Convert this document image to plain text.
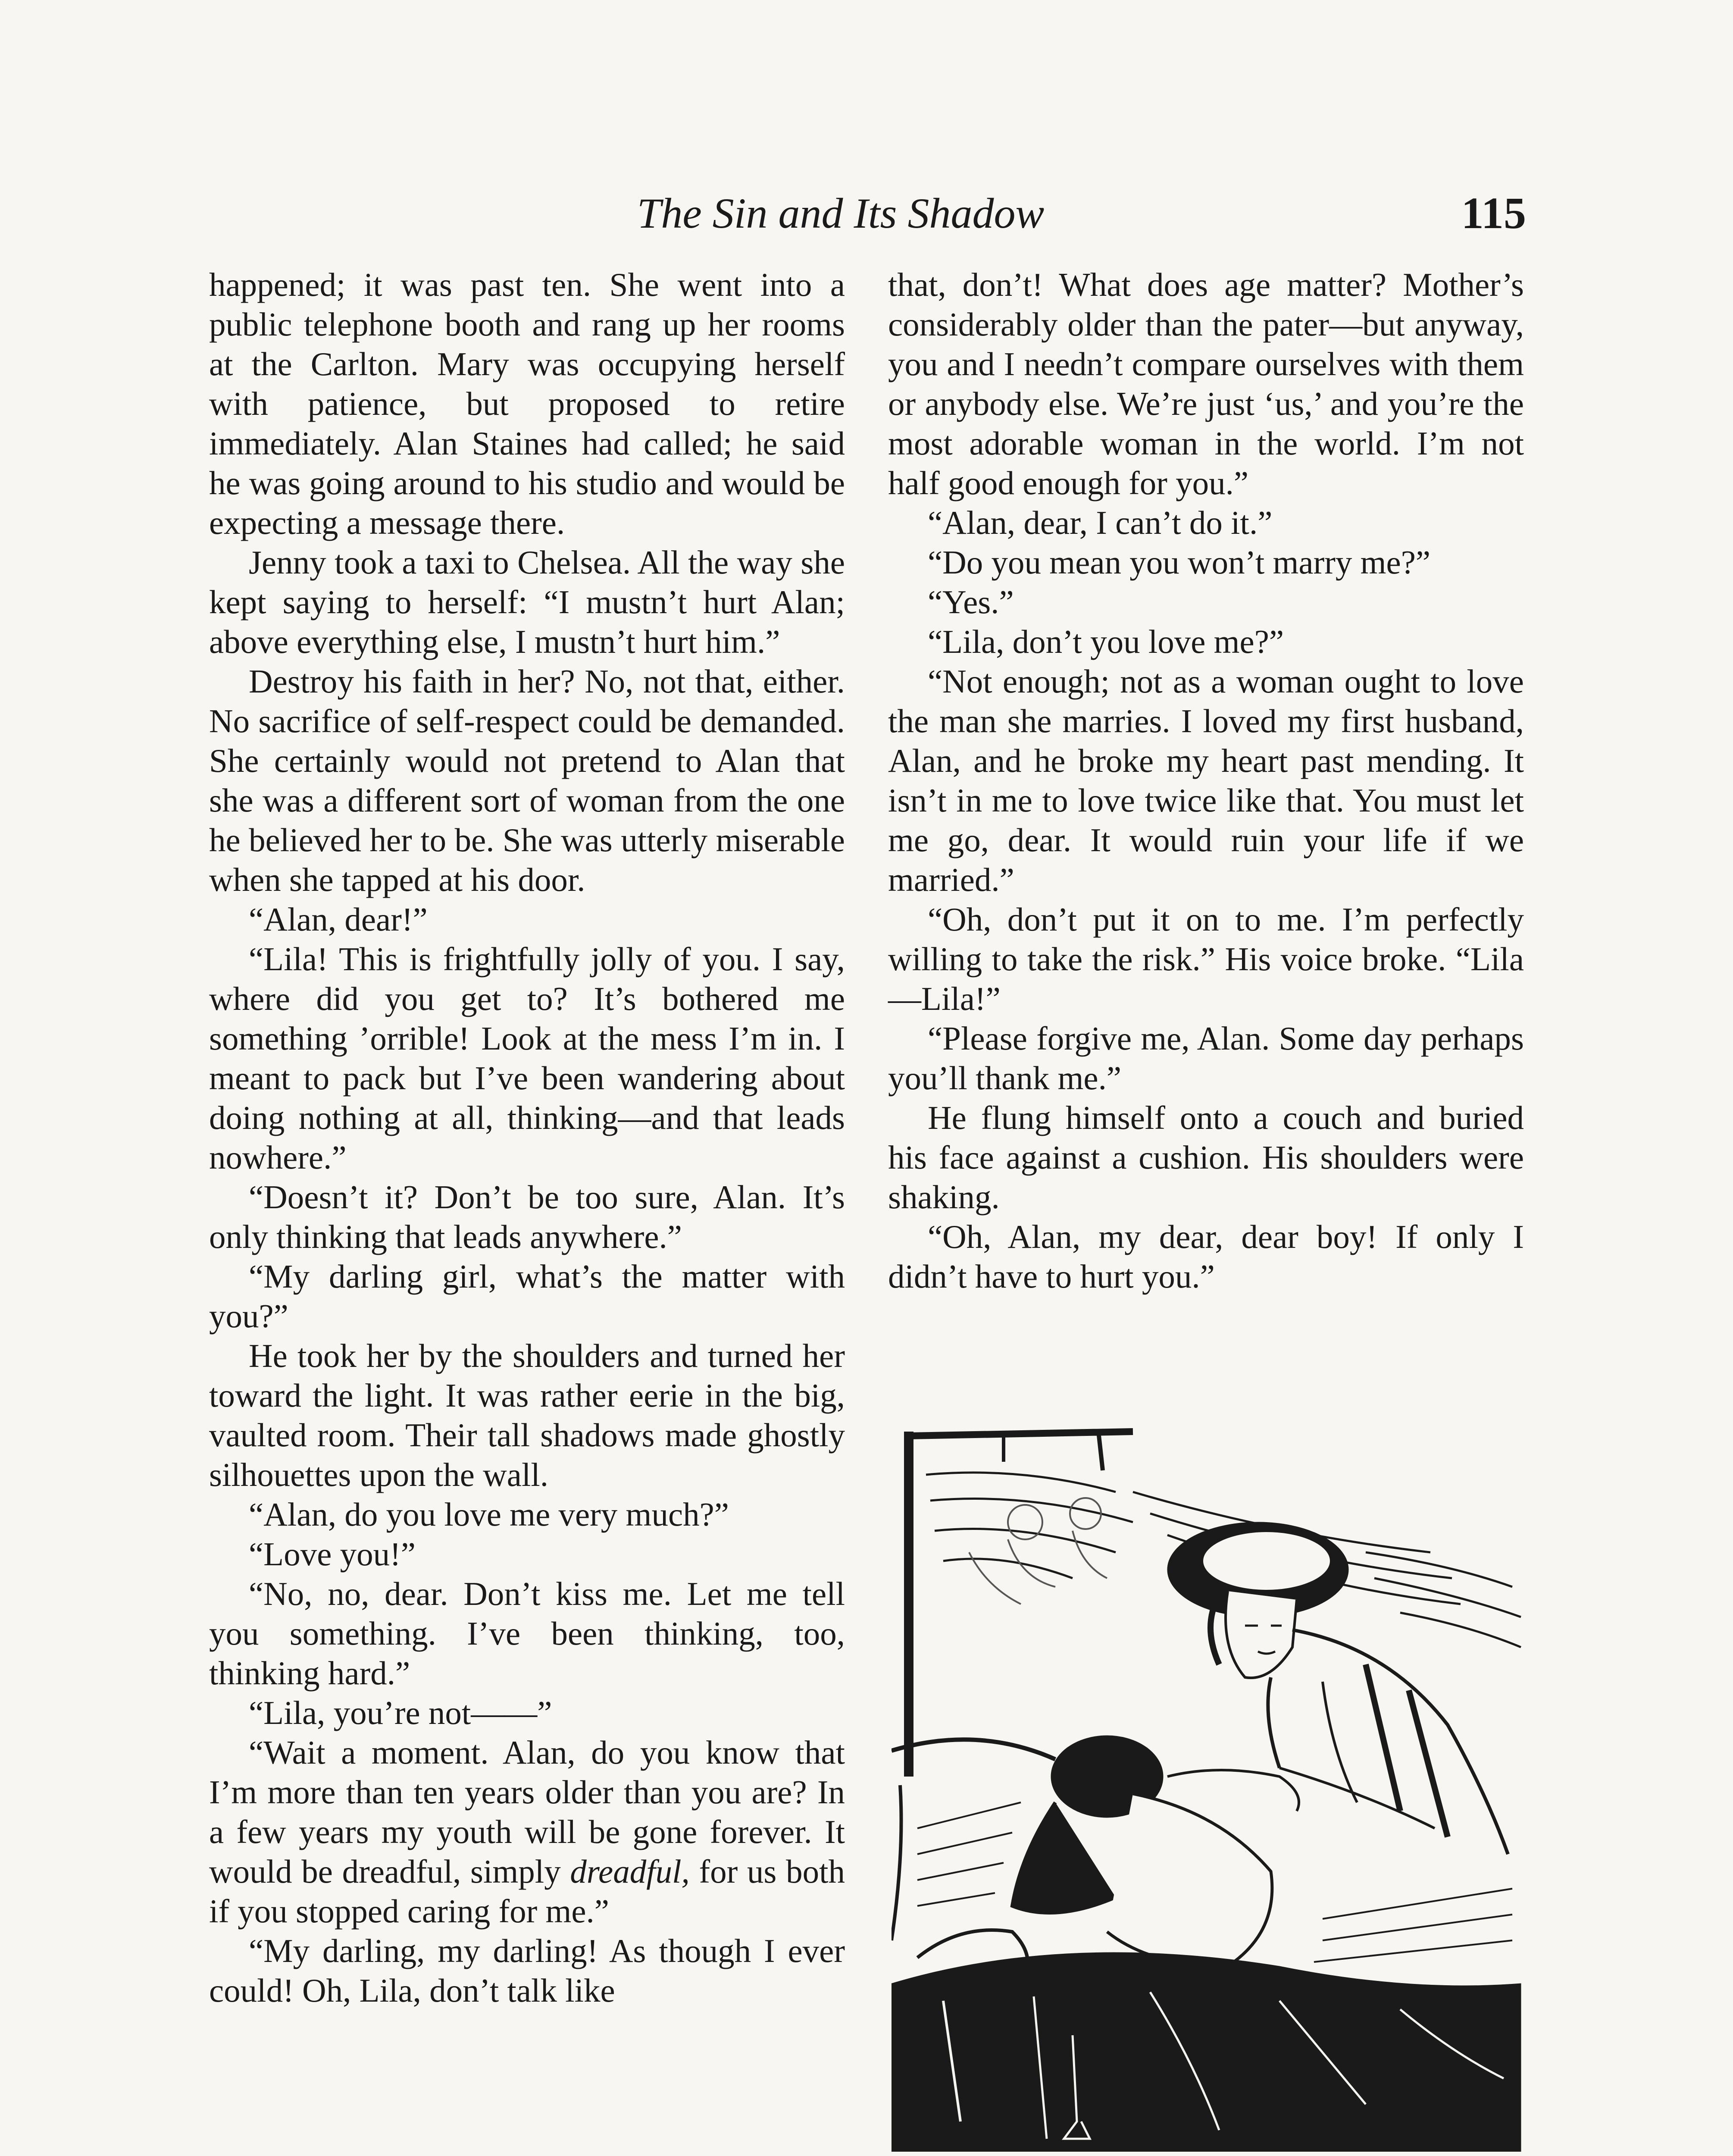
The Sin and Its Shadow	115

happened; it was past ten. She went into a public telephone booth and rang up her rooms at the Carlton. Mary was occupying herself with patience, but proposed to retire immediately. Alan Staines had called; he said he was going around to his studio and would be expecting a message there.

Jenny took a taxi to Chelsea. All the way she kept saying to herself: “I mustn’t hurt Alan; above everything else, I mustn’t hurt him.”

Destroy his faith in her? No, not that, either. No sacrifice of self-respect could be demanded. She certainly would not pretend to Alan that she was a different sort of woman from the one he believed her to be. She was utterly miserable when she tapped at his door.

“Alan, dear!”

“Lila! This is frightfully jolly of you. I say, where did you get to? It’s bothered me something ’orrible! Look at the mess I’m in. I meant to pack but I’ve been wandering about doing nothing at all, thinking—and that leads nowhere.”

“Doesn’t it? Don’t be too sure, Alan. It’s only thinking that leads anywhere.”

“My darling girl, what’s the matter with you?”

He took her by the shoulders and turned her toward the light. It was rather eerie in the big, vaulted room. Their tall shadows made ghostly silhouettes upon the wall.

“Alan, do you love me very much?”

“Love you!”

“No, no, dear. Don’t kiss me. Let me tell you something. I’ve been thinking, too, thinking hard.”

“Lila, you’re not——”

“Wait a moment. Alan, do you know that I’m more than ten years older than you are? In a few years my youth will be gone forever. It would be dreadful, simply dreadful, for us both if you stopped caring for me.”

“My darling, my darling! As though I ever could! Oh, Lila, don’t talk like

that, don’t! What does age matter? Mother’s considerably older than the pater—but anyway, you and I needn’t compare ourselves with them or anybody else. We’re just ‘us,’ and you’re the most adorable woman in the world. I’m not half good enough for you.”

“Alan, dear, I can’t do it.”

“Do you mean you won’t marry me?”

“Yes.”

“Lila, don’t you love me?”

“Not enough; not as a woman ought to love the man she marries. I loved my first husband, Alan, and he broke my heart past mending. It isn’t in me to love twice like that. You must let me go, dear. It would ruin your life if we married.”

“Oh, don’t put it on to me. I’m perfectly willing to take the risk.” His voice broke. “Lila—Lila!”

“Please forgive me, Alan. Some day perhaps you’ll thank me.”

He flung himself onto a couch and buried his face against a cushion. His shoulders were shaking.

“Oh, Alan, my dear, dear boy! If only I didn’t have to hurt you.”
